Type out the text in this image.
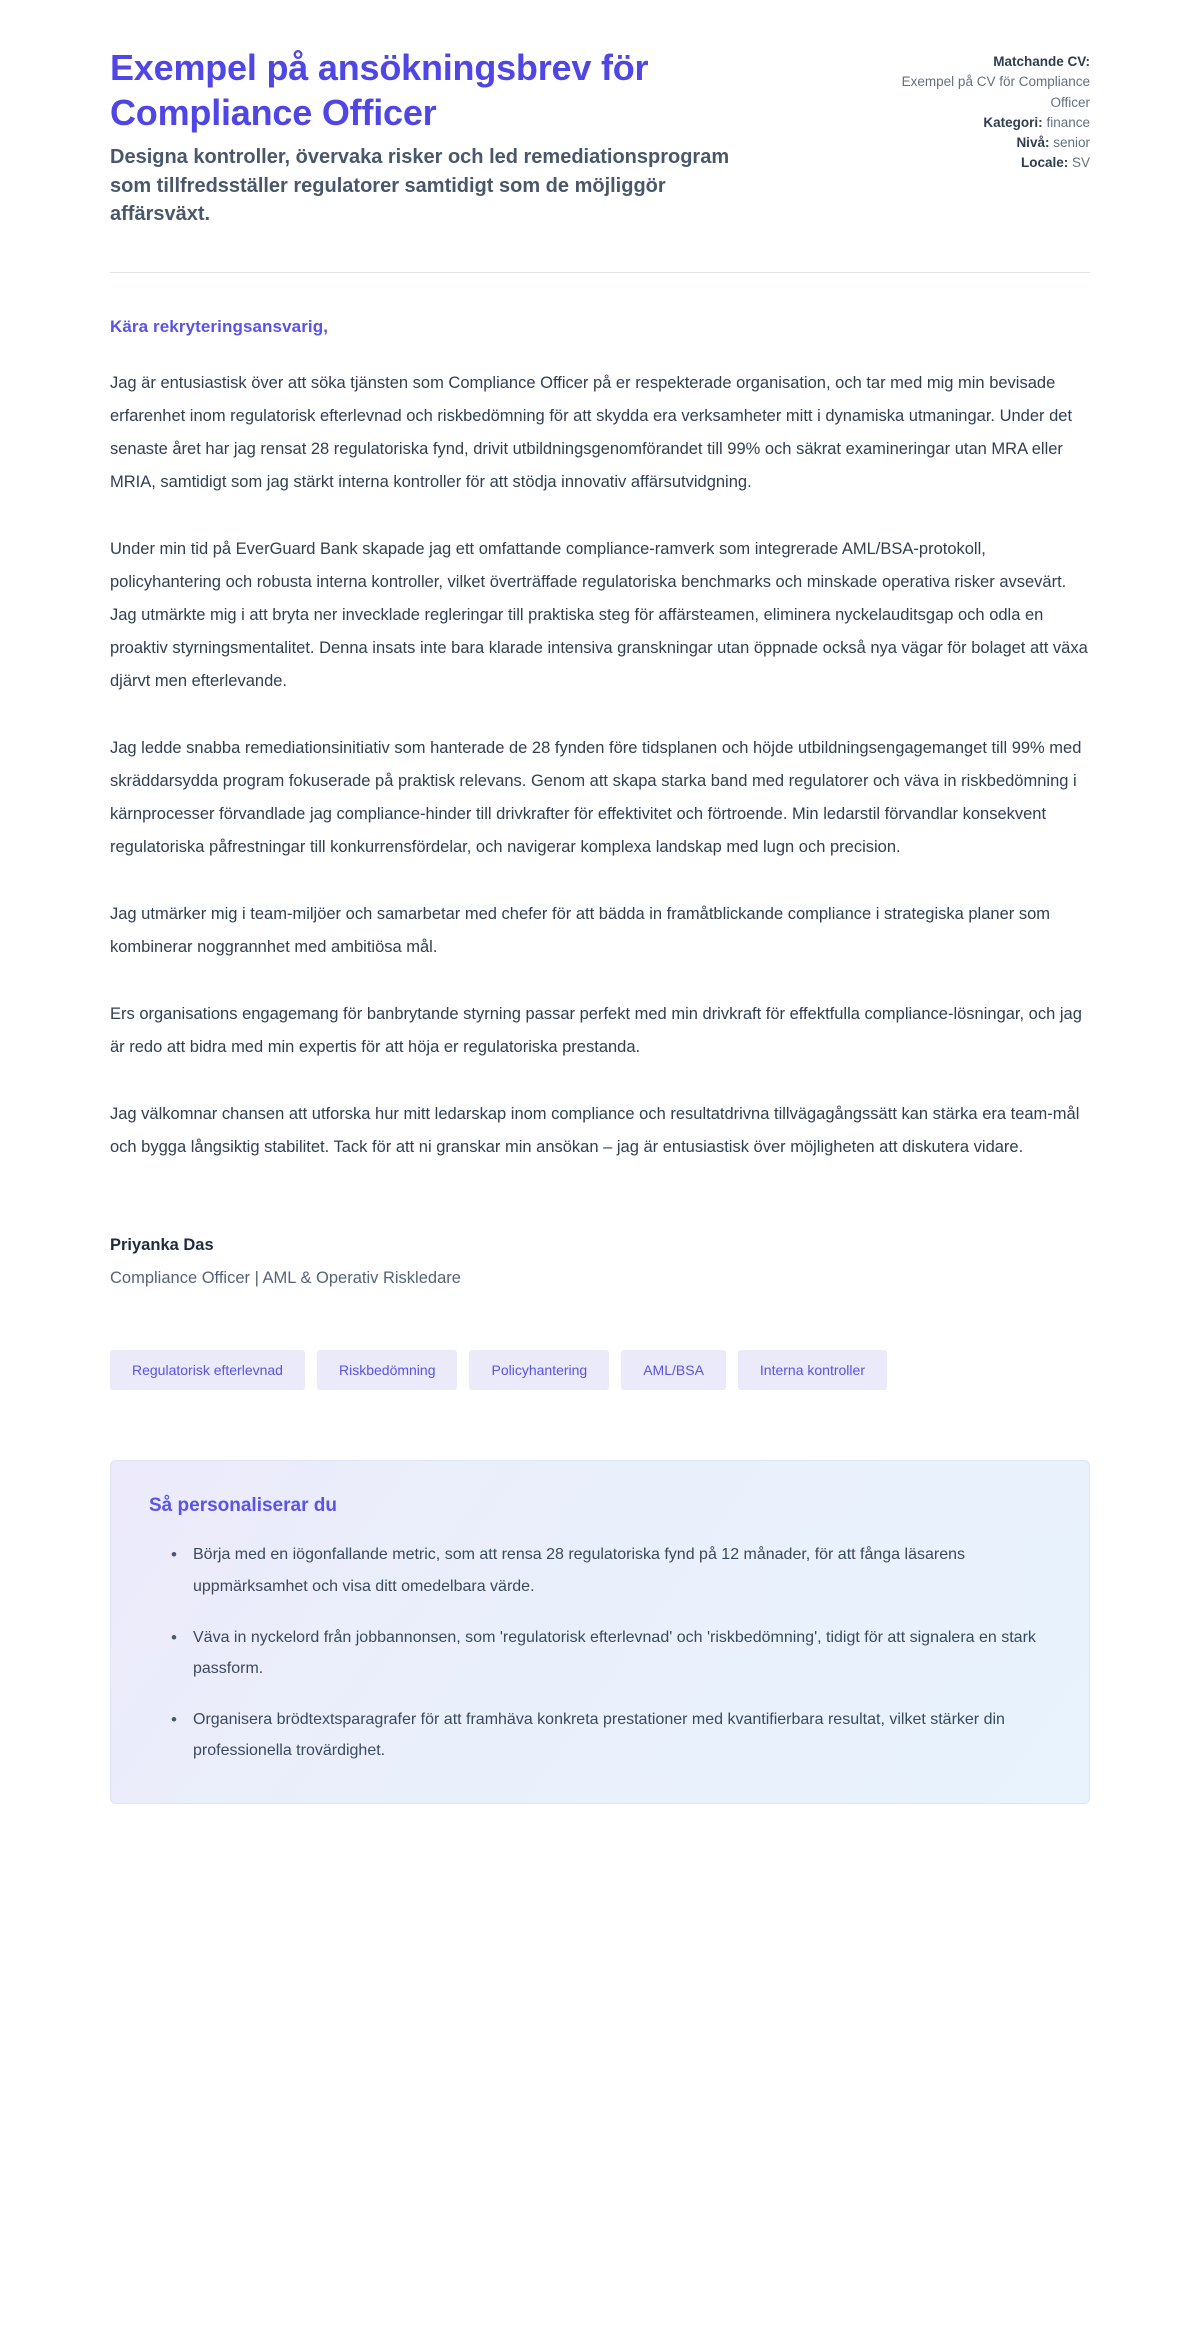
Exempel på ansökningsbrev för Compliance Officer

Designa kontroller, övervaka risker och led remediationsprogram som tillfredsställer regulatorer samtidigt som de möjliggör affärsväxt.

Matchande CV:
Exempel på CV för Compliance Officer
Kategori: finance
Nivå: senior
Locale: SV

Kära rekryteringsansvarig,

Jag är entusiastisk över att söka tjänsten som Compliance Officer på er respekterade organisation, och tar med mig min bevisade erfarenhet inom regulatorisk efterlevnad och riskbedömning för att skydda era verksamheter mitt i dynamiska utmaningar. Under det senaste året har jag rensat 28 regulatoriska fynd, drivit utbildningsgenomförandet till 99% och säkrat examineringar utan MRA eller MRIA, samtidigt som jag stärkt interna kontroller för att stödja innovativ affärsutvidgning.

Under min tid på EverGuard Bank skapade jag ett omfattande compliance-ramverk som integrerade AML/BSA-protokoll, policyhantering och robusta interna kontroller, vilket överträffade regulatoriska benchmarks och minskade operativa risker avsevärt. Jag utmärkte mig i att bryta ner invecklade regleringar till praktiska steg för affärsteamen, eliminera nyckelauditsgap och odla en proaktiv styrningsmentalitet. Denna insats inte bara klarade intensiva granskningar utan öppnade också nya vägar för bolaget att växa djärvt men efterlevande.

Jag ledde snabba remediationsinitiativ som hanterade de 28 fynden före tidsplanen och höjde utbildningsengagemanget till 99% med skräddarsydda program fokuserade på praktisk relevans. Genom att skapa starka band med regulatorer och väva in riskbedömning i kärnprocesser förvandlade jag compliance-hinder till drivkrafter för effektivitet och förtroende. Min ledarstil förvandlar konsekvent regulatoriska påfrestningar till konkurrensfördelar, och navigerar komplexa landskap med lugn och precision.

Jag utmärker mig i team-miljöer och samarbetar med chefer för att bädda in framåtblickande compliance i strategiska planer som kombinerar noggrannhet med ambitiösa mål.

Ers organisations engagemang för banbrytande styrning passar perfekt med min drivkraft för effektfulla compliance-lösningar, och jag är redo att bidra med min expertis för att höja er regulatoriska prestanda.

Jag välkomnar chansen att utforska hur mitt ledarskap inom compliance och resultatdrivna tillvägagångssätt kan stärka era team-mål och bygga långsiktig stabilitet. Tack för att ni granskar min ansökan – jag är entusiastisk över möjligheten att diskutera vidare.

Priyanka Das

Compliance Officer | AML & Operativ Riskledare

Regulatorisk efterlevnad	Riskbedömning	Policyhantering	AML/BSA	Interna kontroller
Så personaliserar du
• Börja med en iögonfallande metric, som att rensa 28 regulatoriska fynd på 12 månader, för att fånga läsarens uppmärksamhet och visa ditt omedelbara värde.
• Väva in nyckelord från jobbannonsen, som 'regulatorisk efterlevnad' och 'riskbedömning', tidigt för att signalera en stark passform.
• Organisera brödtextsparagrafer för att framhäva konkreta prestationer med kvantifierbara resultat, vilket stärker din professionella trovärdighet.
